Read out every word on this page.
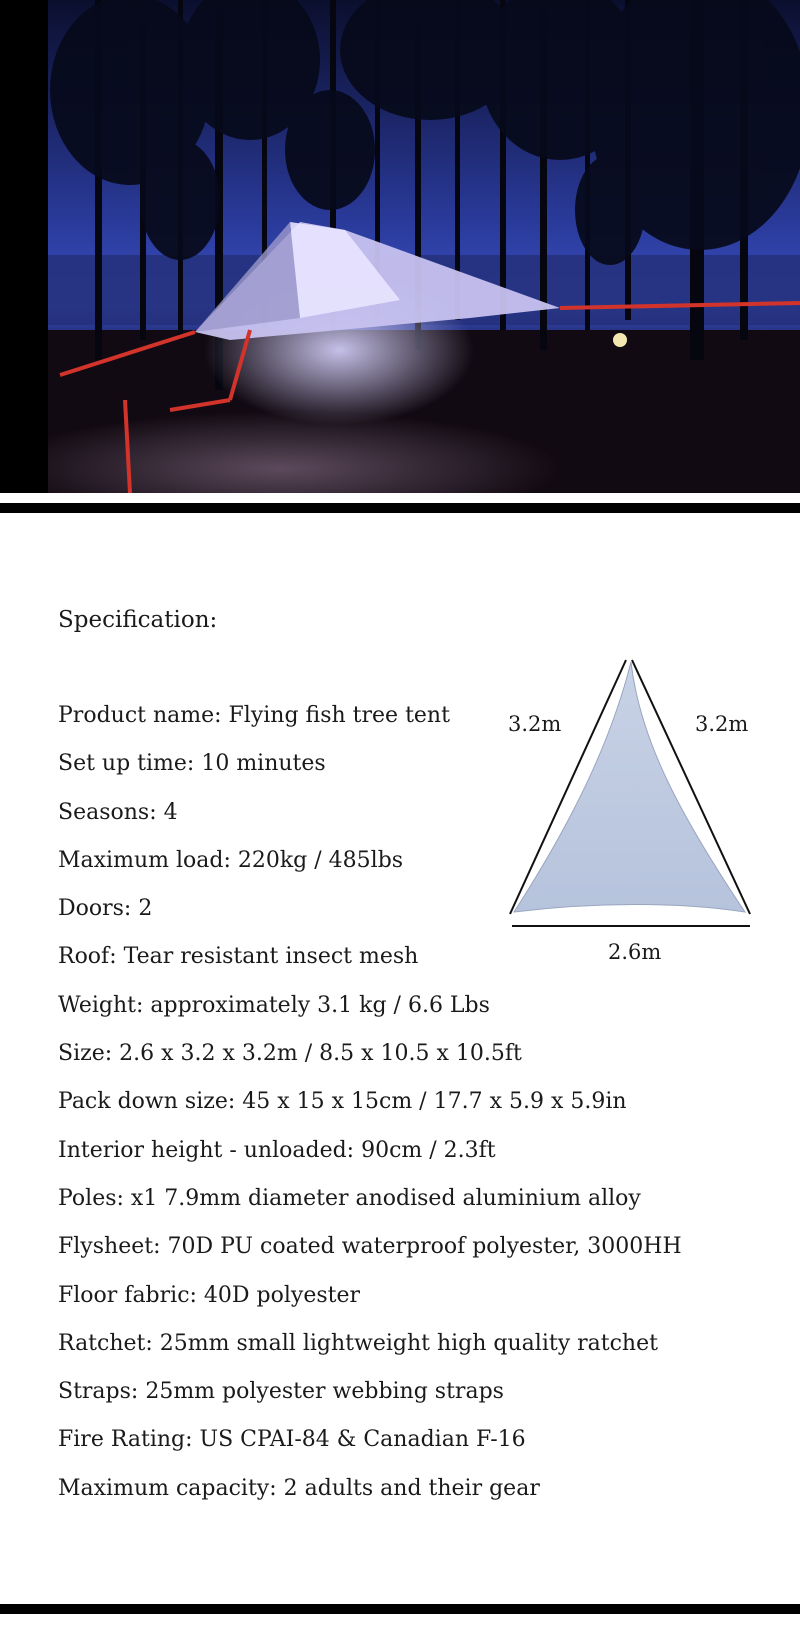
Specification:
Product name: Flying fish tree tent
Set up time: 10 minutes
Seasons: 4
Maximum load: 220kg / 485lbs
Doors: 2
Roof: Tear resistant insect mesh
Weight: approximately 3.1 kg / 6.6 Lbs
Size: 2.6 x 3.2 x 3.2m / 8.5 x 10.5 x 10.5ft
Pack down size: 45 x 15 x 15cm / 17.7 x 5.9 x 5.9in
Interior height - unloaded: 90cm / 2.3ft
Poles: x1 7.9mm diameter anodised aluminium alloy
Flysheet: 70D PU coated waterproof polyester, 3000HH
Floor fabric: 40D polyester
Ratchet: 25mm small lightweight high quality ratchet
Straps: 25mm polyester webbing straps
Fire Rating: US CPAI-84 & Canadian F-16
Maximum capacity: 2 adults and their gear
3.2m	3.2m
2.6m
